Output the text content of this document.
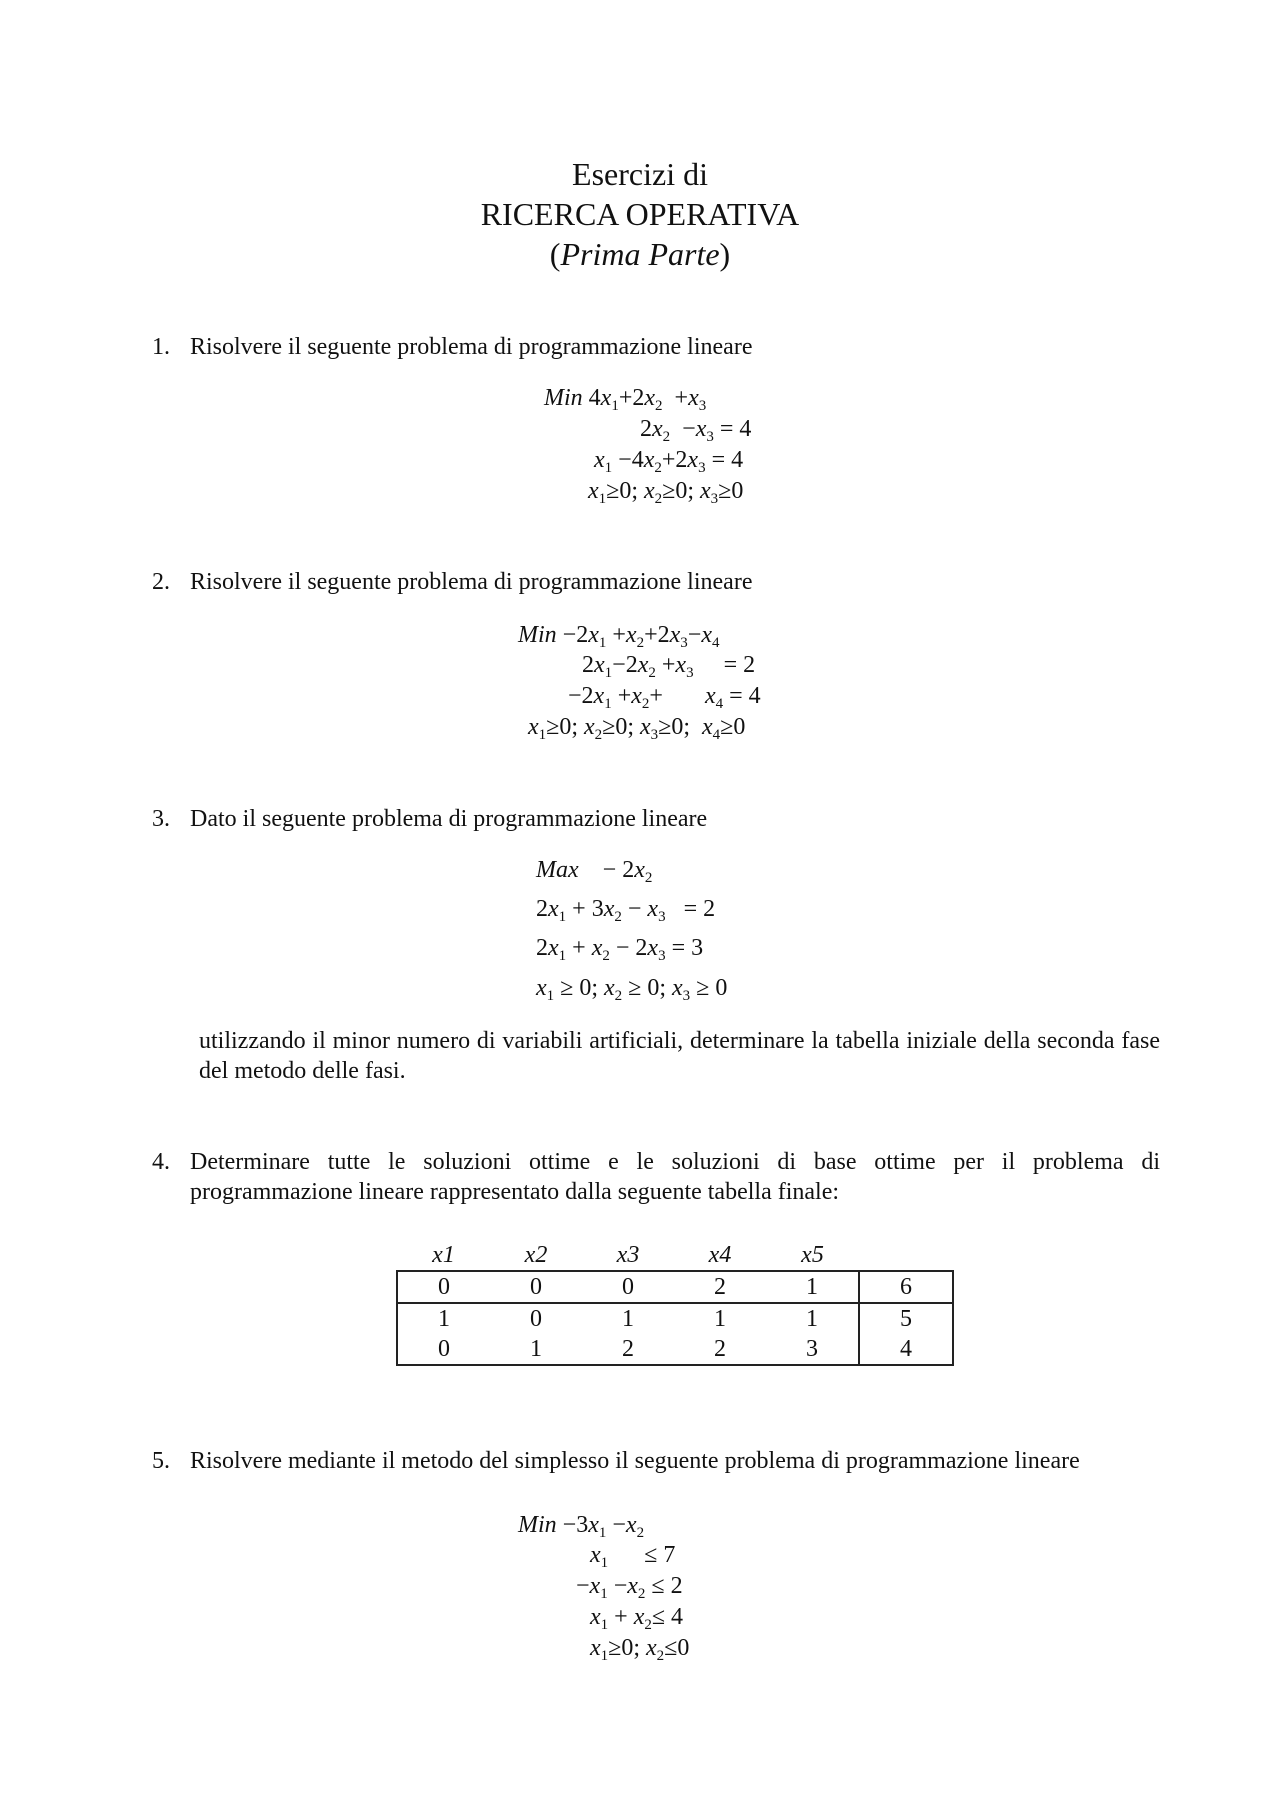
Esercizi di
RICERCA OPERATIVA
(Prima Parte)
1. Risolvere il seguente problema di programmazione lineare
Min $4x_1+2x_2 +x_3$
$2x_2 -x_3 = 4$
$x_1 -4x_2+2x_3 = 4$
$x_1\ge 0$; $x_2\ge 0$; $x_3\ge 0$
2. Risolvere il seguente problema di programmazione lineare
Min $-2x_1 +x_2+2x_3-x_4$
$2x_1-2x_2 +x_3$     = 2
$-2x_1 +x_2+$       $x_4 = 4$
$x_1\ge 0$; $x_2\ge 0$; $x_3\ge 0$;  $x_4\ge 0$
3. Dato il seguente problema di programmazione lineare
Max    − $2x_2$
$2x_1 + 3x_2 - x_3 = 2$
$2x_1 + x_2 - 2x_3 = 3$
$x_1 \ge 0$; $x_2 \ge 0$; $x_3 \ge 0$
utilizzando il minor numero di variabili artificiali, determinare la tabella iniziale della seconda fase del metodo delle fasi.
4. Determinare tutte le soluzioni ottime e le soluzioni di base ottime per il problema di programmazione lineare rappresentato dalla seguente tabella finale:
x1	x2	x3	x4	x5	
0	0	0	2	1	6
1	0	1	1	1	5
0	1	2	2	3	4
5. Risolvere mediante il metodo del simplesso il seguente problema di programmazione lineare
Min $-3x_1 -x_2$
$x_1$      ≤ 7
$-x_1 -x_2 \le 2$
$x_1 + x_2\le 4$
$x_1\ge 0$; $x_2\le 0$
